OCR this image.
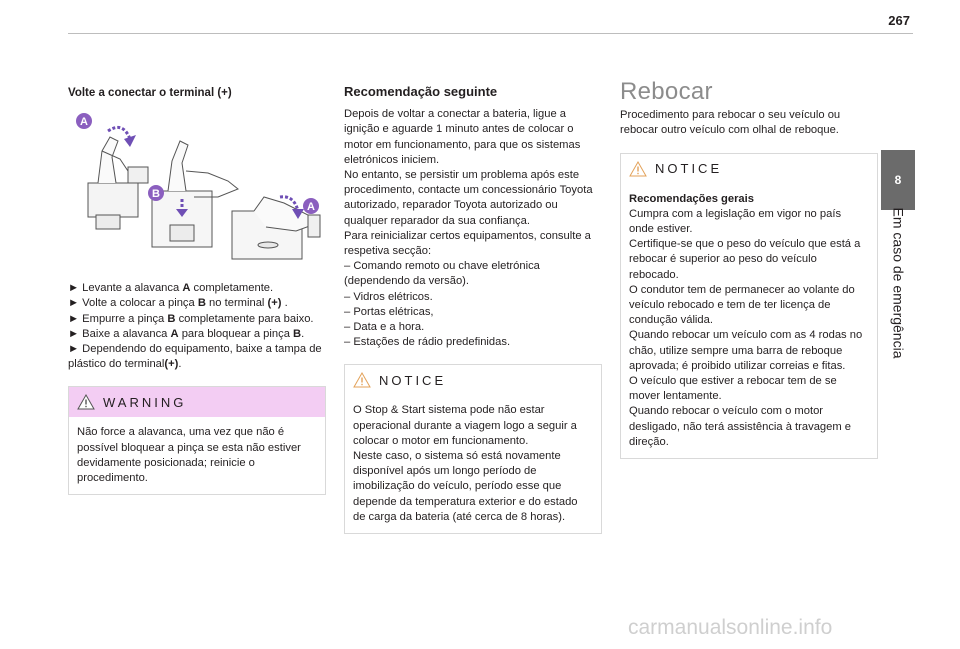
267

Volte a conectar o terminal (+)

A
B
A

► Levante a alavanca A completamente.

► Volte a colocar a pinça B no terminal (+) .

► Empurre a pinça B completamente para baixo.

► Baixe a alavanca A para bloquear a pinça B.

► Dependendo do equipamento, baixe a tampa de plástico do terminal(+).

WARNING

Não force a alavanca, uma vez que não é possível bloquear a pinça se esta não estiver devidamente posicionada; reinicie o procedimento.

Recomendação seguinte

Depois de voltar a conectar a bateria, ligue a ignição e aguarde 1 minuto antes de colocar o motor em funcionamento, para que os sistemas eletrónicos iniciem.

No entanto, se persistir um problema após este procedimento, contacte um concessionário Toyota autorizado, reparador Toyota autorizado ou qualquer reparador da sua confiança.

Para reinicializar certos equipamentos, consulte a respetiva secção:

– Comando remoto ou chave eletrónica (dependendo da versão).

– Vidros elétricos.

– Portas elétricas,

– Data e a hora.

– Estações de rádio predefinidas.

NOTICE

O Stop & Start sistema pode não estar operacional durante a viagem logo a seguir a colocar o motor em funcionamento.

Neste caso, o sistema só está novamente disponível após um longo período de imobilização do veículo, período esse que depende da temperatura exterior e do estado de carga da bateria (até cerca de 8 horas).

Rebocar

Procedimento para rebocar o seu veículo ou rebocar outro veículo com olhal de reboque.

NOTICE

Recomendações gerais

Cumpra com a legislação em vigor no país onde estiver.

Certifique-se que o peso do veículo que está a rebocar é superior ao peso do veículo rebocado.

O condutor tem de permanecer ao volante do veículo rebocado e tem de ter licença de condução válida.

Quando rebocar um veículo com as 4 rodas no chão, utilize sempre uma barra de reboque aprovada; é proibido utilizar correias e fitas.

O veículo que estiver a rebocar tem de se mover lentamente.

Quando rebocar o veículo com o motor desligado, não terá assistência à travagem e direção.

8
Em caso de emergência
carmanualsonline.info
